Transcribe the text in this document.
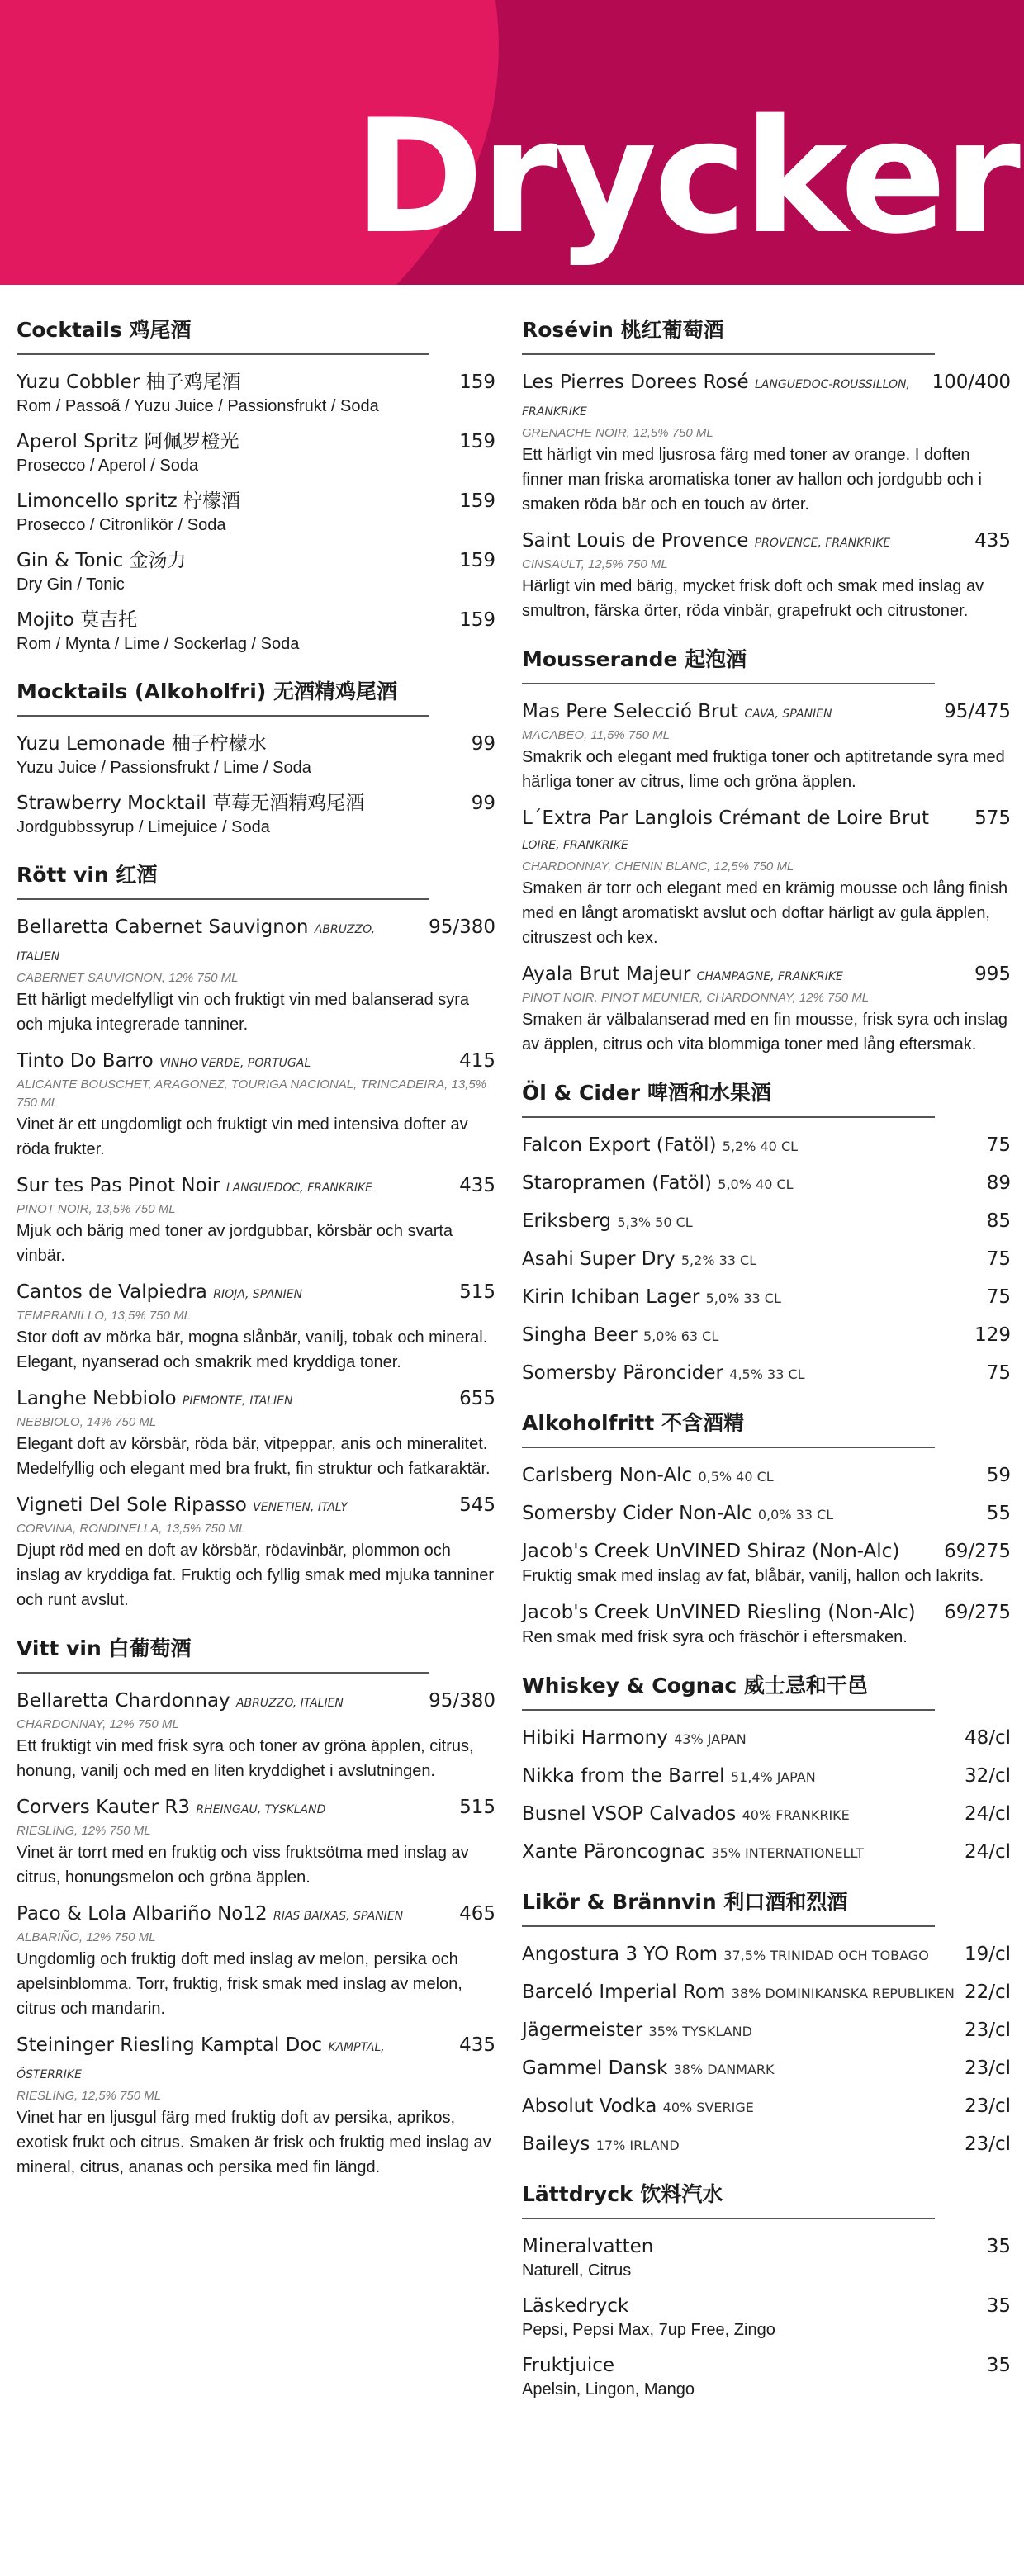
Drycker
Cocktails 鸡尾酒
Yuzu Cobbler 柚子鸡尾酒	159
Rom / Passoã / Yuzu Juice / Passionsfrukt / Soda
Aperol Spritz 阿佩罗橙光	159
Prosecco / Aperol / Soda
Limoncello spritz 柠檬酒	159
Prosecco / Citronlikör / Soda
Gin & Tonic 金汤力	159
Dry Gin / Tonic
Mojito 莫吉托	159
Rom / Mynta / Lime / Sockerlag / Soda
Mocktails (Alkoholfri) 无酒精鸡尾酒
Yuzu Lemonade 柚子柠檬水	99
Yuzu Juice / Passionsfrukt / Lime / Soda
Strawberry Mocktail 草莓无酒精鸡尾酒	99
Jordgubbssyrup / Limejuice / Soda
Rött vin 红酒
Bellaretta Cabernet Sauvignon ABRUZZO, ITALIEN
95/380
CABERNET SAUVIGNON, 12% 750 ML
Ett härligt medelfylligt vin och fruktigt vin med balanserad syra och mjuka integrerade tanniner.
Tinto Do Barro VINHO VERDE, PORTUGAL	415
ALICANTE BOUSCHET, ARAGONEZ, TOURIGA NACIONAL, TRINCADEIRA, 13,5% 750 ML
Vinet är ett ungdomligt och fruktigt vin med intensiva dofter av röda frukter.
Sur tes Pas Pinot Noir LANGUEDOC, FRANKRIKE	435
PINOT NOIR, 13,5% 750 ML
Mjuk och bärig med toner av jordgubbar, körsbär och svarta vinbär.
Cantos de Valpiedra RIOJA, SPANIEN	515
TEMPRANILLO, 13,5% 750 ML
Stor doft av mörka bär, mogna slånbär, vanilj, tobak och mineral. Elegant, nyanserad och smakrik med kryddiga toner.
Langhe Nebbiolo PIEMONTE, ITALIEN	655
NEBBIOLO, 14% 750 ML
Elegant doft av körsbär, röda bär, vitpeppar, anis och mineralitet. Medelfyllig och elegant med bra frukt, fin struktur och fatkaraktär.
Vigneti Del Sole Ripasso VENETIEN, ITALY	545
CORVINA, RONDINELLA, 13,5% 750 ML
Djupt röd med en doft av körsbär, rödavinbär, plommon och inslag av kryddiga fat. Fruktig och fyllig smak med mjuka tanniner och runt avslut.
Vitt vin 白葡萄酒
Bellaretta Chardonnay ABRUZZO, ITALIEN	95/380
CHARDONNAY, 12% 750 ML
Ett fruktigt vin med frisk syra och toner av gröna äpplen, citrus, honung, vanilj och med en liten kryddighet i avslutningen.
Corvers Kauter R3 RHEINGAU, TYSKLAND	515
RIESLING, 12% 750 ML
Vinet är torrt med en fruktig och viss fruktsötma med inslag av citrus, honungsmelon och gröna äpplen.
Paco & Lola Albariño No12 RIAS BAIXAS, SPANIEN	465
ALBARIÑO, 12% 750 ML
Ungdomlig och fruktig doft med inslag av melon, persika och apelsinblomma. Torr, fruktig, frisk smak med inslag av melon, citrus och mandarin.
Steininger Riesling Kamptal Doc KAMPTAL, ÖSTERRIKE
435
RIESLING, 12,5% 750 ML
Vinet har en ljusgul färg med fruktig doft av persika, aprikos, exotisk frukt och citrus. Smaken är frisk och fruktig med inslag av mineral, citrus, ananas och persika med fin längd.
Rosévin 桃红葡萄酒
Les Pierres Dorees Rosé LANGUEDOC-ROUSSILLON, FRANKRIKE
100/400
GRENACHE NOIR, 12,5% 750 ML
Ett härligt vin med ljusrosa färg med toner av orange. I doften finner man friska aromatiska toner av hallon och jordgubb och i smaken röda bär och en touch av örter.
Saint Louis de Provence PROVENCE, FRANKRIKE	435
CINSAULT, 12,5% 750 ML
Härligt vin med bärig, mycket frisk doft och smak med inslag av smultron, färska örter, röda vinbär, grapefrukt och citrustoner.
Mousserande 起泡酒
Mas Pere Selecció Brut CAVA, SPANIEN	95/475
MACABEO, 11,5% 750 ML
Smakrik och elegant med fruktiga toner och aptitretande syra med härliga toner av citrus, lime och gröna äpplen.
L´Extra Par Langlois Crémant de Loire Brut LOIRE, FRANKRIKE
575
CHARDONNAY, CHENIN BLANC, 12,5% 750 ML
Smaken är torr och elegant med en krämig mousse och lång finish med en långt aromatiskt avslut och doftar härligt av gula äpplen, citruszest och kex.
Ayala Brut Majeur CHAMPAGNE, FRANKRIKE	995
PINOT NOIR, PINOT MEUNIER, CHARDONNAY, 12% 750 ML
Smaken är välbalanserad med en fin mousse, frisk syra och inslag av äpplen, citrus och vita blommiga toner med lång eftersmak.
Öl & Cider 啤酒和水果酒
Falcon Export (Fatöl) 5,2% 40 CL	75
Staropramen (Fatöl) 5,0% 40 CL	89
Eriksberg 5,3% 50 CL	85
Asahi Super Dry 5,2% 33 CL	75
Kirin Ichiban Lager 5,0% 33 CL	75
Singha Beer 5,0% 63 CL	129
Somersby Päroncider 4,5% 33 CL	75
Alkoholfritt 不含酒精
Carlsberg Non-Alc 0,5% 40 CL	59
Somersby Cider Non-Alc 0,0% 33 CL	55
Jacob's Creek UnVINED Shiraz (Non-Alc)	69/275
Fruktig smak med inslag av fat, blåbär, vanilj, hallon och lakrits.
Jacob's Creek UnVINED Riesling (Non-Alc)	69/275
Ren smak med frisk syra och fräschör i eftersmaken.
Whiskey & Cognac 威士忌和干邑
Hibiki Harmony 43% JAPAN	48/cl
Nikka from the Barrel 51,4% JAPAN	32/cl
Busnel VSOP Calvados 40% FRANKRIKE	24/cl
Xante Päroncognac 35% INTERNATIONELLT	24/cl
Likör & Brännvin 利口酒和烈酒
Angostura 3 YO Rom 37,5% TRINIDAD OCH TOBAGO	19/cl
Barceló Imperial Rom 38% DOMINIKANSKA REPUBLIKEN 22/cl
Jägermeister 35% TYSKLAND	23/cl
Gammel Dansk 38% DANMARK	23/cl
Absolut Vodka 40% SVERIGE	23/cl
Baileys 17% IRLAND	23/cl
Lättdryck 饮料汽水
Mineralvatten	35
Naturell, Citrus
Läskedryck	35
Pepsi, Pepsi Max, 7up Free, Zingo
Fruktjuice	35
Apelsin, Lingon, Mango
